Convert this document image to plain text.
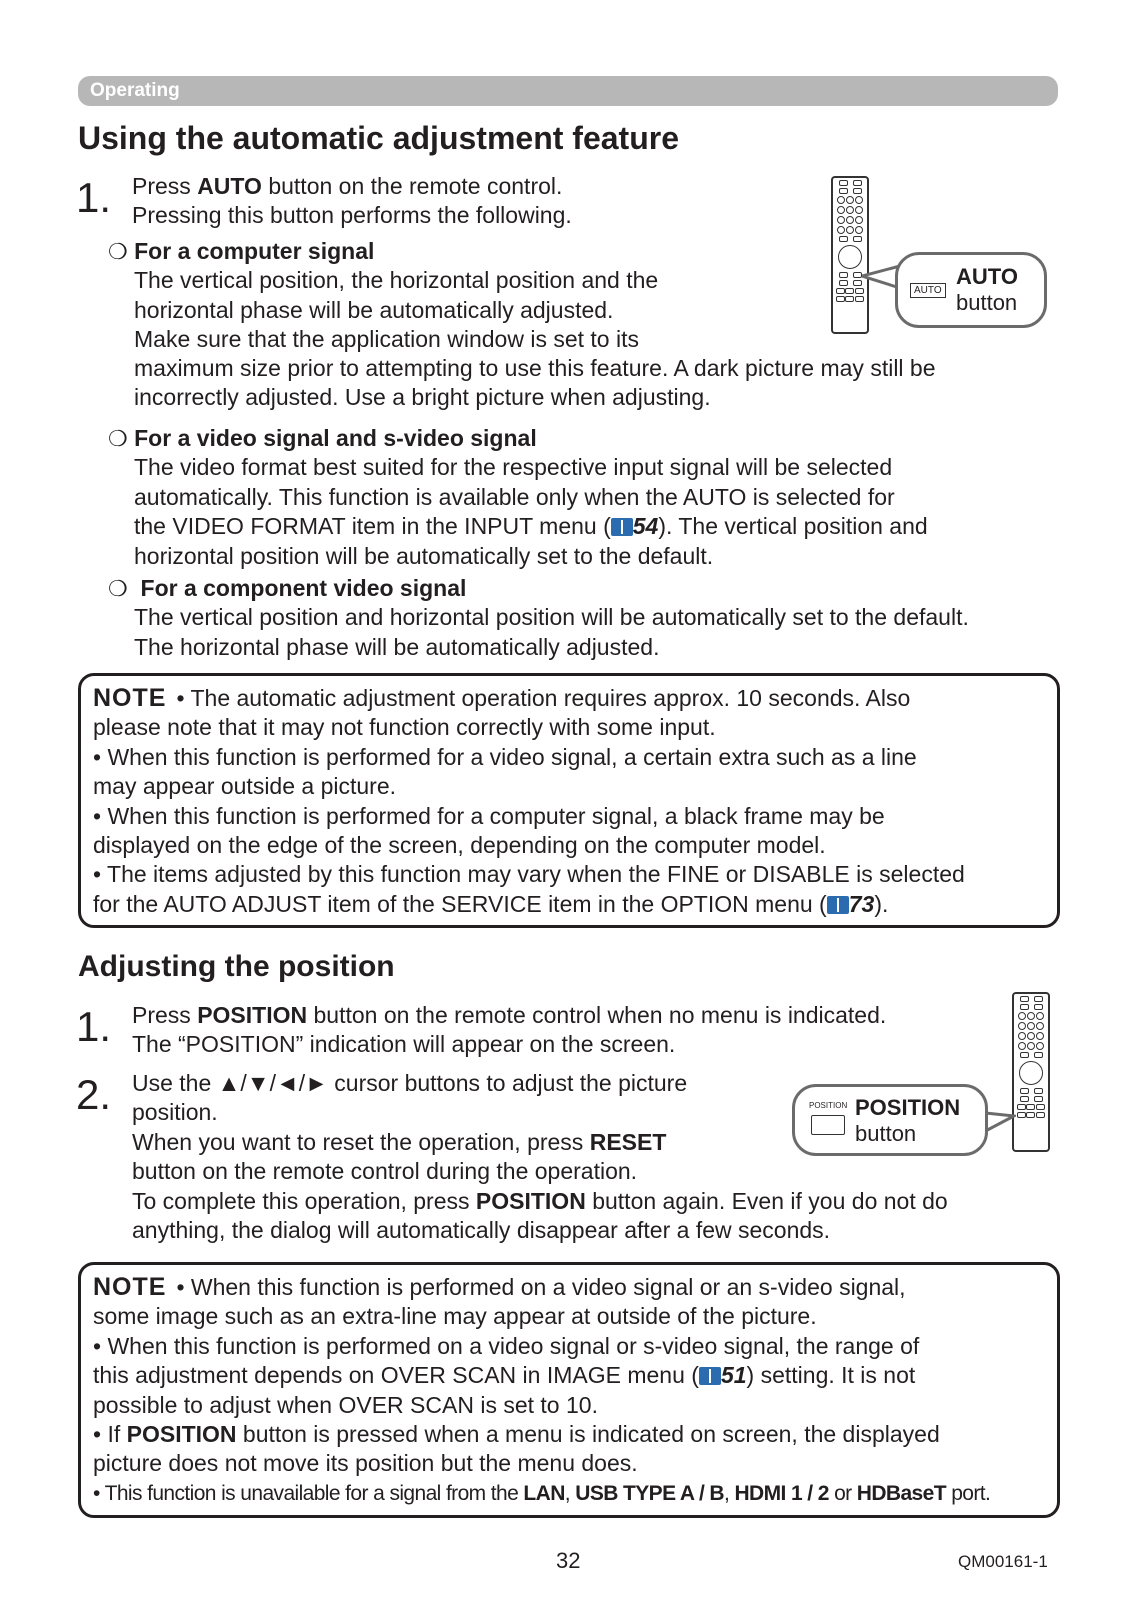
Operating
Using the automatic adjustment feature
1. Press AUTO button on the remote control.
Pressing this button performs the following.
❍ For a computer signal
The vertical position, the horizontal position and the
horizontal phase will be automatically adjusted.
Make sure that the application window is set to its
maximum size prior to attempting to use this feature. A dark picture may still be
incorrectly adjusted. Use a bright picture when adjusting.
AUTO
AUTO
button
❍ For a video signal and s-video signal
The video format best suited for the respective input signal will be selected
automatically. This function is available only when the AUTO is selected for
the VIDEO FORMAT item in the INPUT menu ( 54). The vertical position and
horizontal position will be automatically set to the default.
❍ For a component video signal
The vertical position and horizontal position will be automatically set to the default.
The horizontal phase will be automatically adjusted.
NOTE • The automatic adjustment operation requires approx. 10 seconds. Also
please note that it may not function correctly with some input.
• When this function is performed for a video signal, a certain extra such as a line
may appear outside a picture.
• When this function is performed for a computer signal, a black frame may be
displayed on the edge of the screen, depending on the computer model.
• The items adjusted by this function may vary when the FINE or DISABLE is selected
for the AUTO ADJUST item of the SERVICE item in the OPTION menu ( 73).
Adjusting the position
1. Press POSITION button on the remote control when no menu is indicated.
The “POSITION” indication will appear on the screen.
2. Use the ▲/▼/◄/► cursor buttons to adjust the picture
position.
When you want to reset the operation, press RESET
button on the remote control during the operation.
To complete this operation, press POSITION button again. Even if you do not do
anything, the dialog will automatically disappear after a few seconds.
POSITION POSITION
button
NOTE • When this function is performed on a video signal or an s-video signal,
some image such as an extra-line may appear at outside of the picture.
• When this function is performed on a video signal or s-video signal, the range of
this adjustment depends on OVER SCAN in IMAGE menu ( 51) setting. It is not
possible to adjust when OVER SCAN is set to 10.
• If POSITION button is pressed when a menu is indicated on screen, the displayed
picture does not move its position but the menu does.
• This function is unavailable for a signal from the LAN, USB TYPE A / B, HDMI 1 / 2 or HDBaseT port.
32	QM00161-1
